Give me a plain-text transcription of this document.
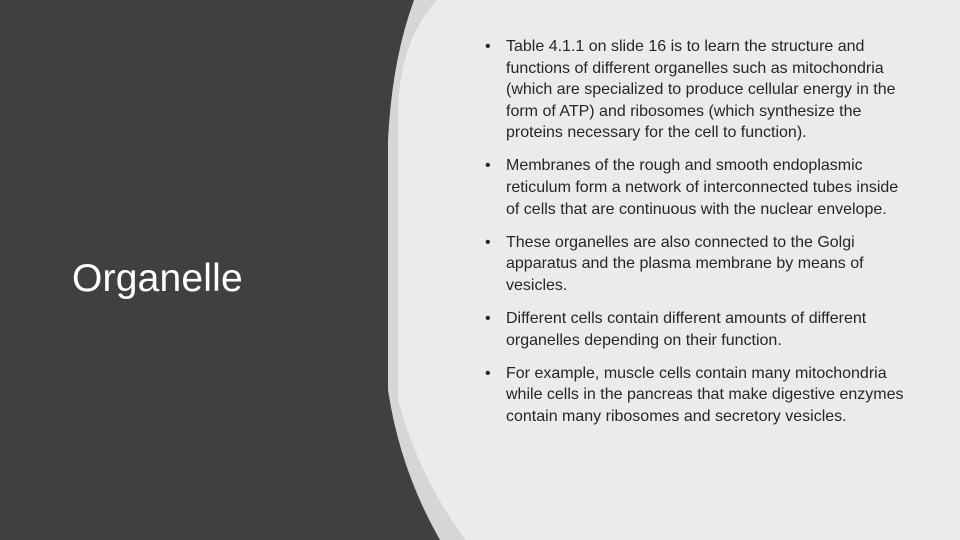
Organelle
• Table 4.1.1 on slide 16 is to learn the structure and functions of different organelles such as mitochondria (which are specialized to produce cellular energy in the form of ATP) and ribosomes (which synthesize the proteins necessary for the cell to function).
• Membranes of the rough and smooth endoplasmic reticulum form a network of interconnected tubes inside of cells that are continuous with the nuclear envelope.
• These organelles are also connected to the Golgi apparatus and the plasma membrane by means of vesicles.
• Different cells contain different amounts of different organelles depending on their function.
• For example, muscle cells contain many mitochondria while cells in the pancreas that make digestive enzymes contain many ribosomes and secretory vesicles.
